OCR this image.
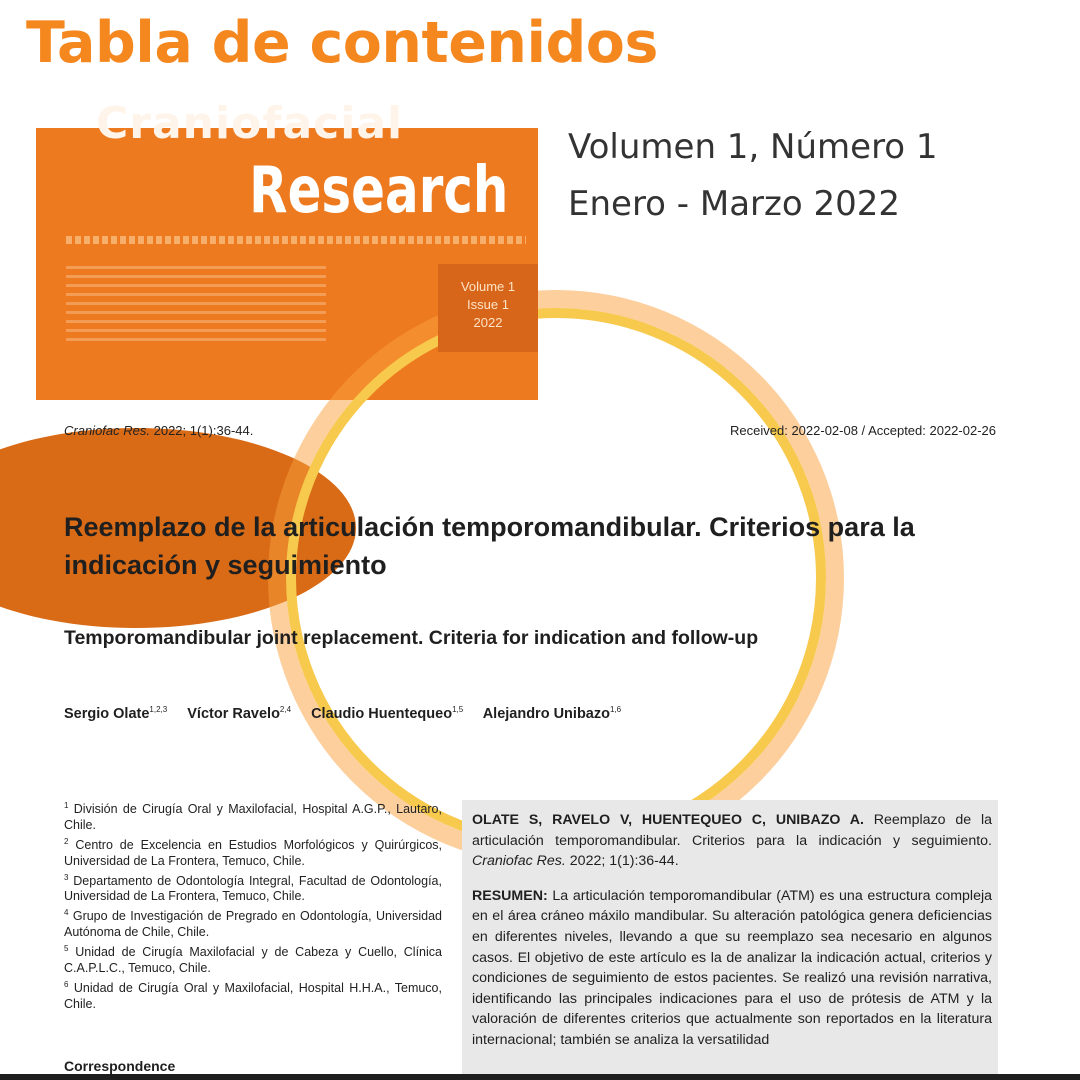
Tabla de contenidos
Craniofacial
Research
Volume 1
Issue 1
2022
Volumen 1, Número 1
Enero - Marzo 2022
Craniofac Res. 2022; 1(1):36-44.	Received: 2022-02-08 / Accepted: 2022-02-26
Reemplazo de la articulación temporomandibular. Criterios para la indicación y seguimiento
Temporomandibular joint replacement. Criteria for indication and follow-up
Sergio Olate$^{1,2,3}$ Víctor Ravelo$^{2,4}$ Claudio Huentequeo$^{1,5}$ Alejandro Unibazo$^{1,6}$

$^1$ División de Cirugía Oral y Maxilofacial, Hospital A.G.P., Lautaro, Chile.

$^2$ Centro de Excelencia en Estudios Morfológicos y Quirúrgicos, Universidad de La Frontera, Temuco, Chile.

$^3$ Departamento de Odontología Integral, Facultad de Odontología, Universidad de La Frontera, Temuco, Chile.

$^4$ Grupo de Investigación de Pregrado en Odontología, Universidad Autónoma de Chile, Chile.

$^5$ Unidad de Cirugía Maxilofacial y de Cabeza y Cuello, Clínica C.A.P.L.C., Temuco, Chile.

$^6$ Unidad de Cirugía Oral y Maxilofacial, Hospital H.H.A., Temuco, Chile.

Correspondence

OLATE S, RAVELO V, HUENTEQUEO C, UNIBAZO A. Reemplazo de la articulación temporomandibular. Criterios para la indicación y seguimiento. Craniofac Res. 2022; 1(1):36-44.

RESUMEN: La articulación temporomandibular (ATM) es una estructura compleja en el área cráneo máxilo mandibular. Su alteración patológica genera deficiencias en diferentes niveles, llevando a que su reemplazo sea necesario en algunos casos. El objetivo de este artículo es la de analizar la indicación actual, criterios y condiciones de seguimiento de estos pacientes. Se realizó una revisión narrativa, identificando las principales indicaciones para el uso de prótesis de ATM y la valoración de diferentes criterios que actualmente son reportados en la literatura internacional; también se analiza la versatilidad
